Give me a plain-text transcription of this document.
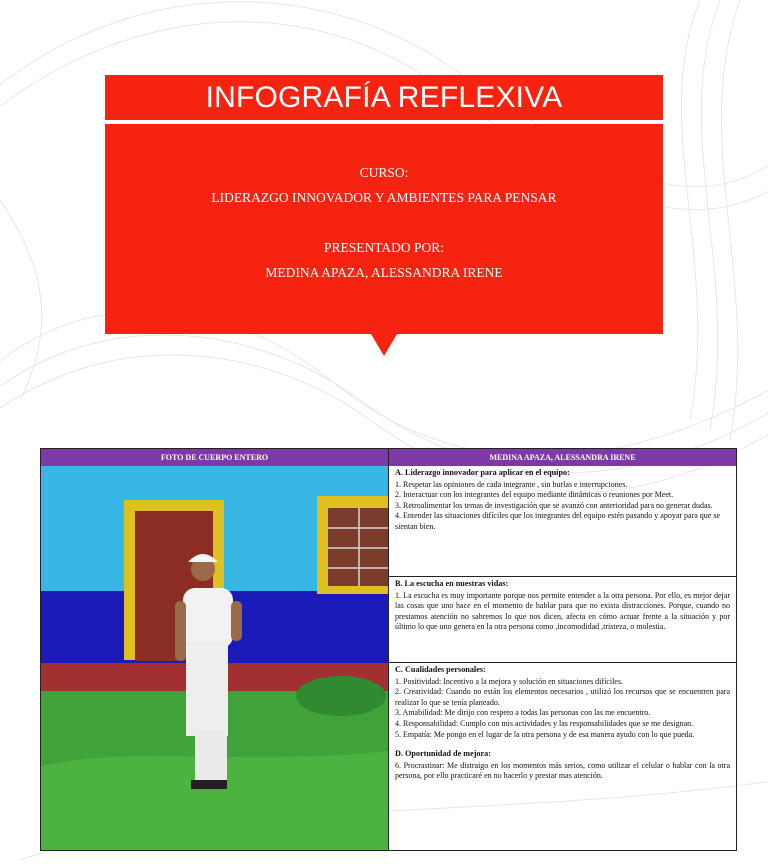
INFOGRAFÍA REFLEXIVA
CURSO:
LIDERAZGO INNOVADOR Y AMBIENTES PARA PENSAR
PRESENTADO POR:
MEDINA APAZA, ALESSANDRA IRENE
FOTO DE CUERPO ENTERO	MEDINA APAZA, ALESSANDRA IRENE
A. Liderazgo innovador para aplicar en el equipo:
1. Respetar las opiniones de cada integrante , sin burlas e interrupciones.
2. Interactuar con los integrantes del equipo mediante dinámicas o reuniones por Meet.
3. Retroalimentar los temas de investigación que se avanzó con anterioridad para no generar dudas.
4. Entender las situaciones difíciles que los integrantes del equipo estén pasando y apoyar para que se sientan bien.
B. La escucha en nuestras vidas:
1. La escucha es muy importante porque nos permite entender a la otra persona. Por ello, es mejor dejar las cosas que uno hace en el momento de hablar para que no exista distracciones. Porque, cuando no prestamos atención no sabremos lo que nos dicen, afecta en cómo actuar frente a la situación y por último lo que uno genera en la otra persona como ,incomodidad ,tristeza, o molestia.
C. Cualidades personales:
1. Positividad: Incentivo a la mejora y solución en situaciones difíciles.
2. Creatividad: Cuando no están los elementos necesarios , utilizó los recursos que se encuentren para realizar lo que se tenía planeado.
3. Amabilidad: Me dirijo con respeto a todas las personas con las me encuentro.
4. Responsabilidad: Cumplo con mis actividades y las responsabilidades que se me designan.
5. Empatía: Me pongo en el lugar de la otra persona y de esa manera ayudo con lo que pueda.
D. Oportunidad de mejora:
6. Procrastinar: Me distraigo en los momentos más serios, como utilizar el celular o hablar con la otra persona, por ello practicaré en no hacerlo y prestar mas atención.
